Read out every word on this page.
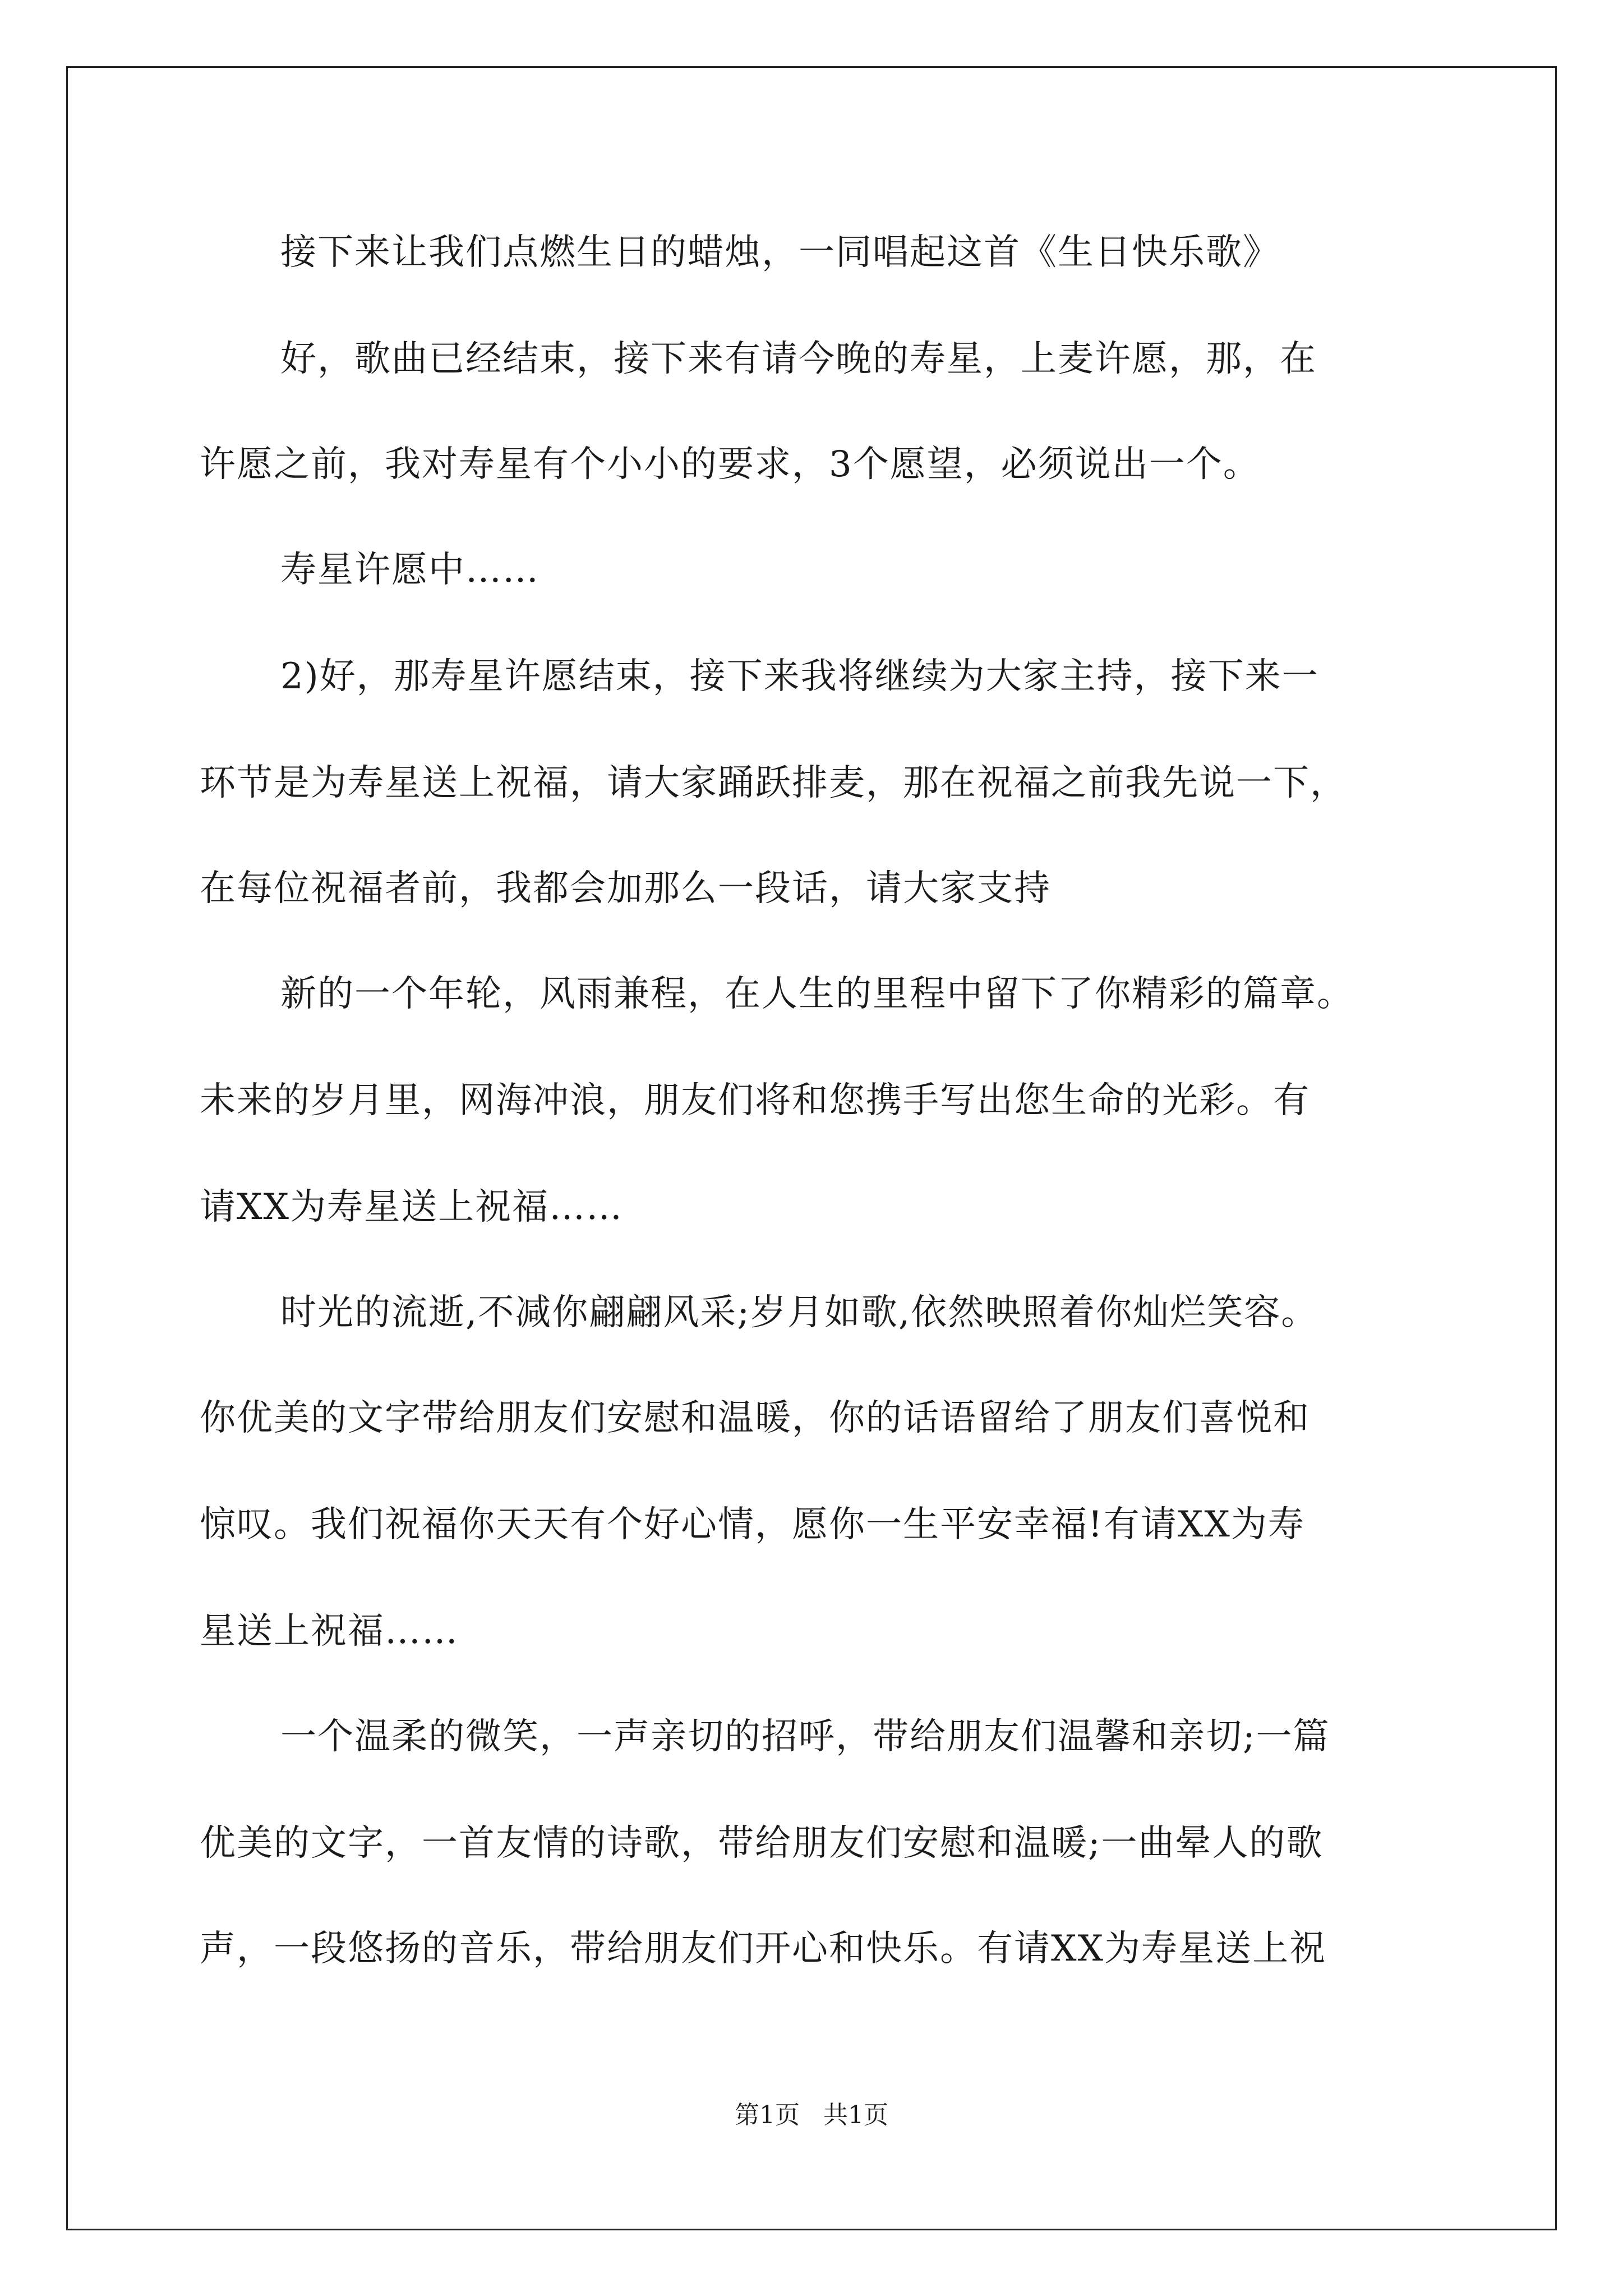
接下来让我们点燃生日的蜡烛，一同唱起这首《生日快乐歌》
好，歌曲已经结束，接下来有请今晚的寿星，上麦许愿，那，在
许愿之前，我对寿星有个小小的要求，3个愿望，必须说出一个。
寿星许愿中……
2)好，那寿星许愿结束，接下来我将继续为大家主持，接下来一
环节是为寿星送上祝福，请大家踊跃排麦，那在祝福之前我先说一下，
在每位祝福者前，我都会加那么一段话，请大家支持
新的一个年轮，风雨兼程，在人生的里程中留下了你精彩的篇章。
未来的岁月里，网海冲浪，朋友们将和您携手写出您生命的光彩。有
请XX为寿星送上祝福……
时光的流逝,不减你翩翩风采;岁月如歌,依然映照着你灿烂笑容。
你优美的文字带给朋友们安慰和温暖，你的话语留给了朋友们喜悦和
惊叹。我们祝福你天天有个好心情，愿你一生平安幸福!有请XX为寿
星送上祝福……
一个温柔的微笑，一声亲切的招呼，带给朋友们温馨和亲切;一篇
优美的文字，一首友情的诗歌，带给朋友们安慰和温暖;一曲晕人的歌
声，一段悠扬的音乐，带给朋友们开心和快乐。有请XX为寿星送上祝
第1页   共1页
